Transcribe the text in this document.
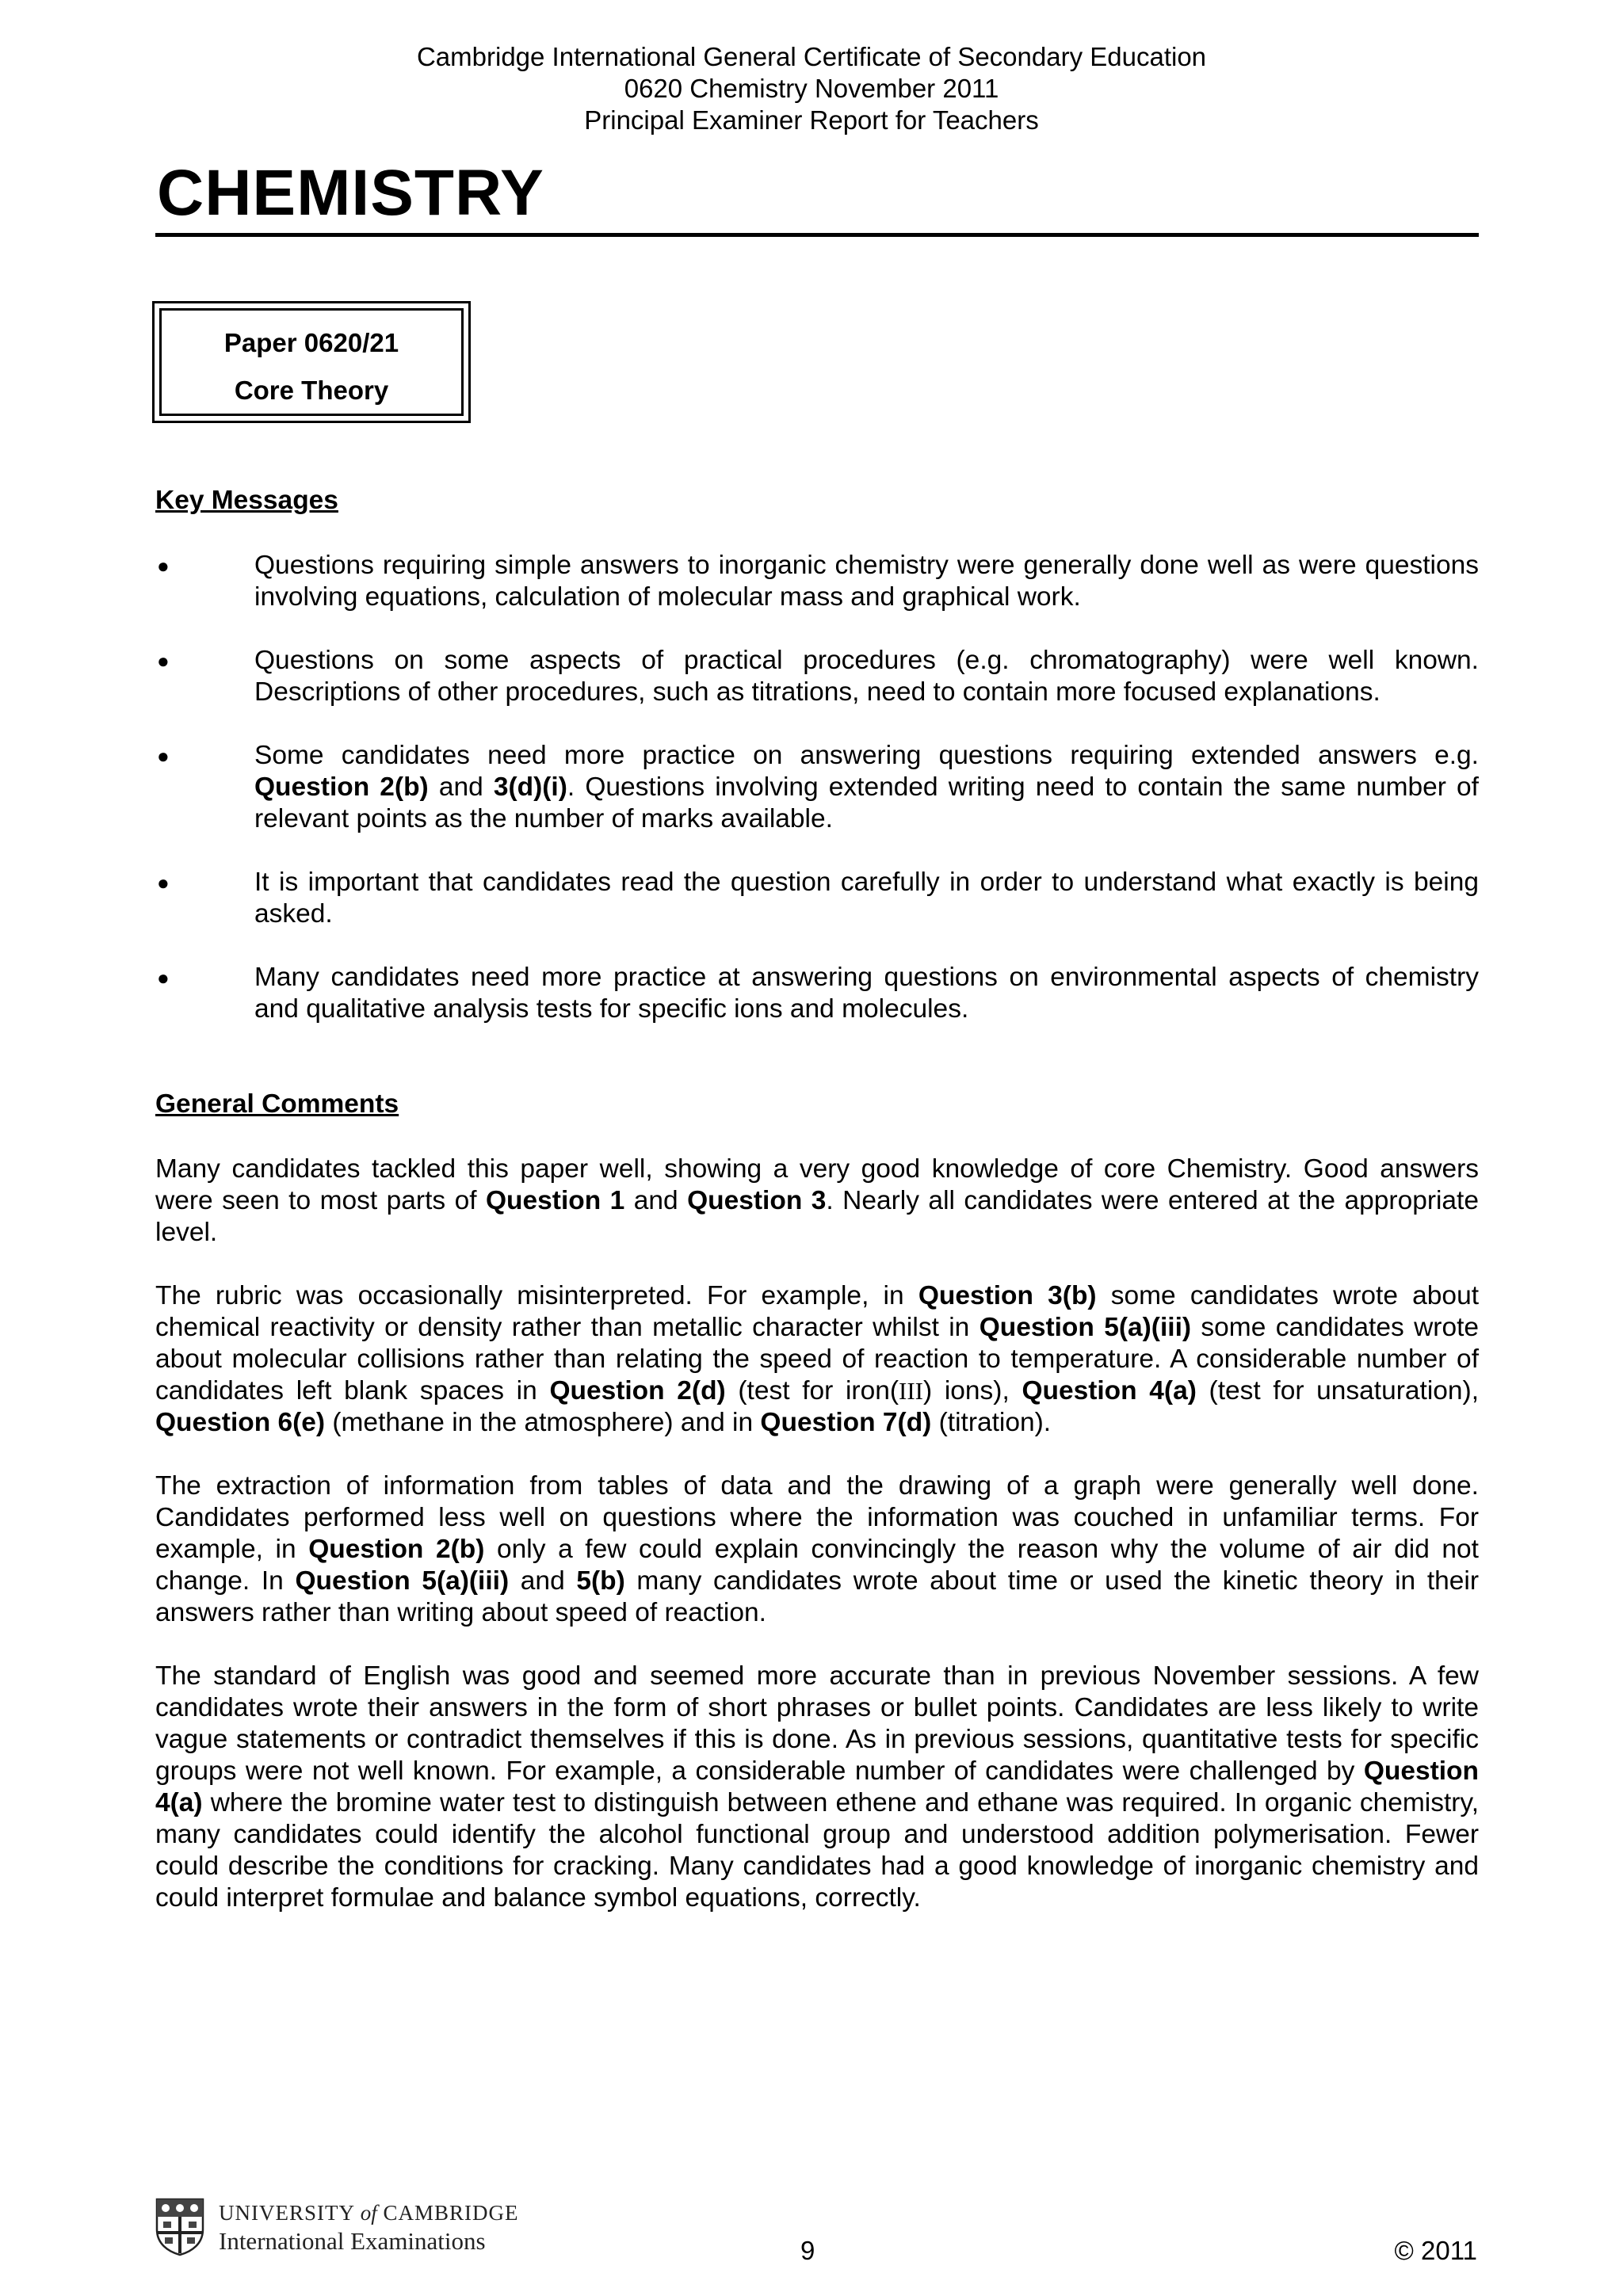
Cambridge International General Certificate of Secondary Education
0620 Chemistry November 2011
Principal Examiner Report for Teachers
CHEMISTRY
Paper 0620/21
Core Theory
Key Messages
●	Questions requiring simple answers to inorganic chemistry were generally done well as were questions involving equations, calculation of molecular mass and graphical work.
●	Questions on some aspects of practical procedures (e.g. chromatography) were well known. Descriptions of other procedures, such as titrations, need to contain more focused explanations.
●	Some candidates need more practice on answering questions requiring extended answers e.g. Question 2(b) and 3(d)(i). Questions involving extended writing need to contain the same number of relevant points as the number of marks available.
●	It is important that candidates read the question carefully in order to understand what exactly is being asked.
●	Many candidates need more practice at answering questions on environmental aspects of chemistry and qualitative analysis tests for specific ions and molecules.
General Comments

Many candidates tackled this paper well, showing a very good knowledge of core Chemistry. Good answers were seen to most parts of Question 1 and Question 3. Nearly all candidates were entered at the appropriate level.

The rubric was occasionally misinterpreted. For example, in Question 3(b) some candidates wrote about chemical reactivity or density rather than metallic character whilst in Question 5(a)(iii) some candidates wrote about molecular collisions rather than relating the speed of reaction to temperature. A considerable number of candidates left blank spaces in Question 2(d) (test for iron(III) ions), Question 4(a) (test for unsaturation), Question 6(e) (methane in the atmosphere) and in Question 7(d) (titration).

The extraction of information from tables of data and the drawing of a graph were generally well done. Candidates performed less well on questions where the information was couched in unfamiliar terms. For example, in Question 2(b) only a few could explain convincingly the reason why the volume of air did not change. In Question 5(a)(iii) and 5(b) many candidates wrote about time or used the kinetic theory in their answers rather than writing about speed of reaction.

The standard of English was good and seemed more accurate than in previous November sessions. A few candidates wrote their answers in the form of short phrases or bullet points. Candidates are less likely to write vague statements or contradict themselves if this is done. As in previous sessions, quantitative tests for specific groups were not well known. For example, a considerable number of candidates were challenged by Question 4(a) where the bromine water test to distinguish between ethene and ethane was required. In organic chemistry, many candidates could identify the alcohol functional group and understood addition polymerisation. Fewer could describe the conditions for cracking. Many candidates had a good knowledge of inorganic chemistry and could interpret formulae and balance symbol equations, correctly.

UNIVERSITY of CAMBRIDGE
International Examinations	9	© 2011
